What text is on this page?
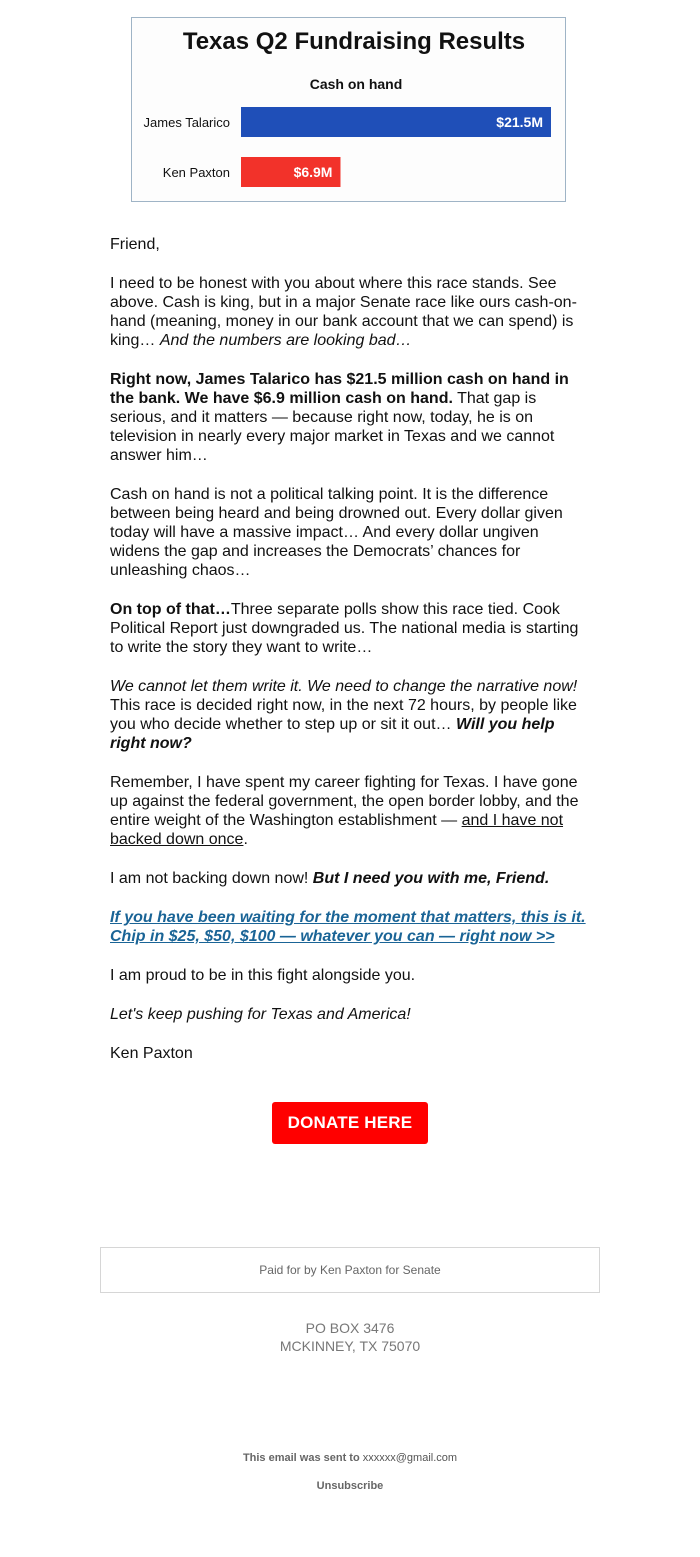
Texas Q2 Fundraising Results
Cash on hand
James Talarico	$21.5M
Ken Paxton	$6.9M

Friend,

I need to be honest with you about where this race stands. See above. Cash is king, but in a major Senate race like ours cash-on-hand (meaning, money in our bank account that we can spend) is king… And the numbers are looking bad…

Right now, James Talarico has $21.5 million cash on hand in the bank. We have $6.9 million cash on hand. That gap is serious, and it matters — because right now, today, he is on television in nearly every major market in Texas and we cannot answer him…

Cash on hand is not a political talking point. It is the difference between being heard and being drowned out. Every dollar given today will have a massive impact… And every dollar ungiven widens the gap and increases the Democrats’ chances for unleashing chaos…

On top of that…Three separate polls show this race tied. Cook Political Report just downgraded us. The national media is starting to write the story they want to write…

We cannot let them write it. We need to change the narrative now! This race is decided right now, in the next 72 hours, by people like you who decide whether to step up or sit it out… Will you help right now?

Remember, I have spent my career fighting for Texas. I have gone up against the federal government, the open border lobby, and the entire weight of the Washington establishment — and I have not backed down once.

I am not backing down now! But I need you with me, Friend.

If you have been waiting for the moment that matters, this is it.
Chip in $25, $50, $100 — whatever you can — right now >>

I am proud to be in this fight alongside you.

Let's keep pushing for Texas and America!

Ken Paxton

DONATE HERE
Paid for by Ken Paxton for Senate
PO BOX 3476
MCKINNEY, TX 75070
This email was sent to xxxxxx@gmail.com
Unsubscribe
